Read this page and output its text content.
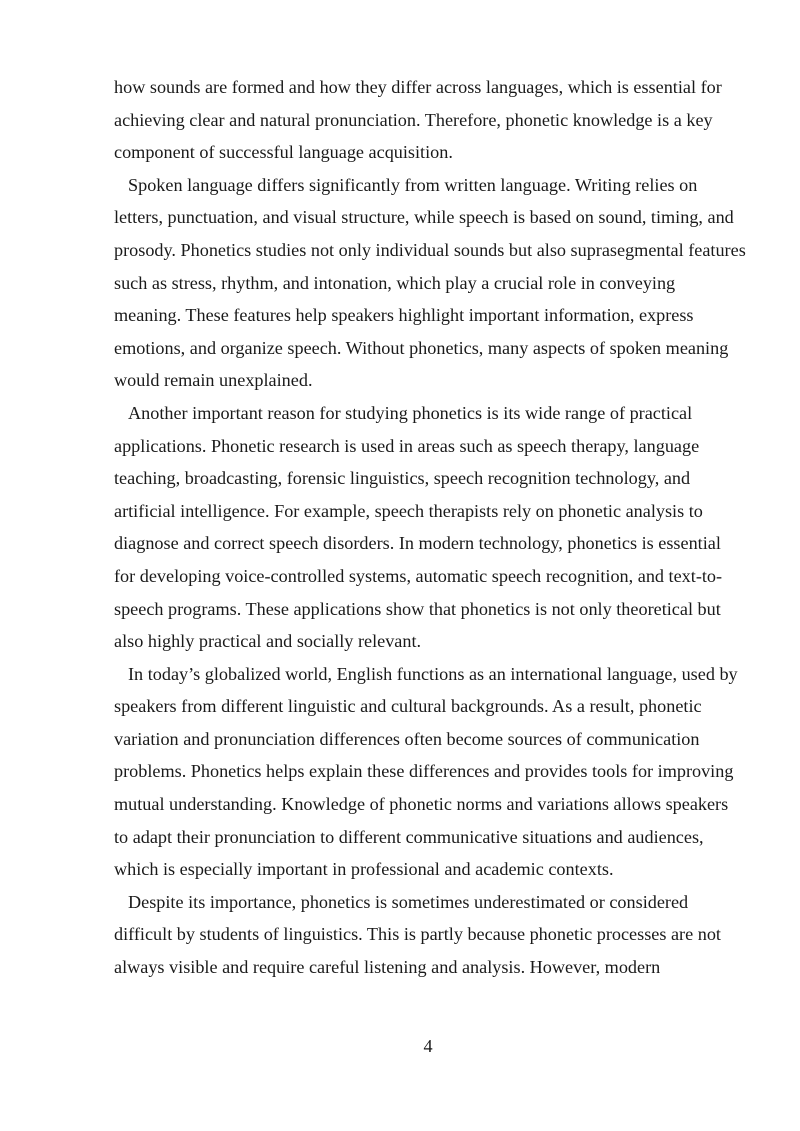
how sounds are formed and how they differ across languages, which is essential for achieving clear and natural pronunciation. Therefore, phonetic knowledge is a key component of successful language acquisition.

Spoken language differs significantly from written language. Writing relies on letters, punctuation, and visual structure, while speech is based on sound, timing, and prosody. Phonetics studies not only individual sounds but also suprasegmental features such as stress, rhythm, and intonation, which play a crucial role in conveying meaning. These features help speakers highlight important information, express emotions, and organize speech. Without phonetics, many aspects of spoken meaning would remain unexplained.

Another important reason for studying phonetics is its wide range of practical applications. Phonetic research is used in areas such as speech therapy, language teaching, broadcasting, forensic linguistics, speech recognition technology, and artificial intelligence. For example, speech therapists rely on phonetic analysis to diagnose and correct speech disorders. In modern technology, phonetics is essential for developing voice-controlled systems, automatic speech recognition, and text-to-speech programs. These applications show that phonetics is not only theoretical but also highly practical and socially relevant.

In today’s globalized world, English functions as an international language, used by speakers from different linguistic and cultural backgrounds. As a result, phonetic variation and pronunciation differences often become sources of communication problems. Phonetics helps explain these differences and provides tools for improving mutual understanding. Knowledge of phonetic norms and variations allows speakers to adapt their pronunciation to different communicative situations and audiences, which is especially important in professional and academic contexts.

Despite its importance, phonetics is sometimes underestimated or considered difficult by students of linguistics. This is partly because phonetic processes are not always visible and require careful listening and analysis. However, modern

4
